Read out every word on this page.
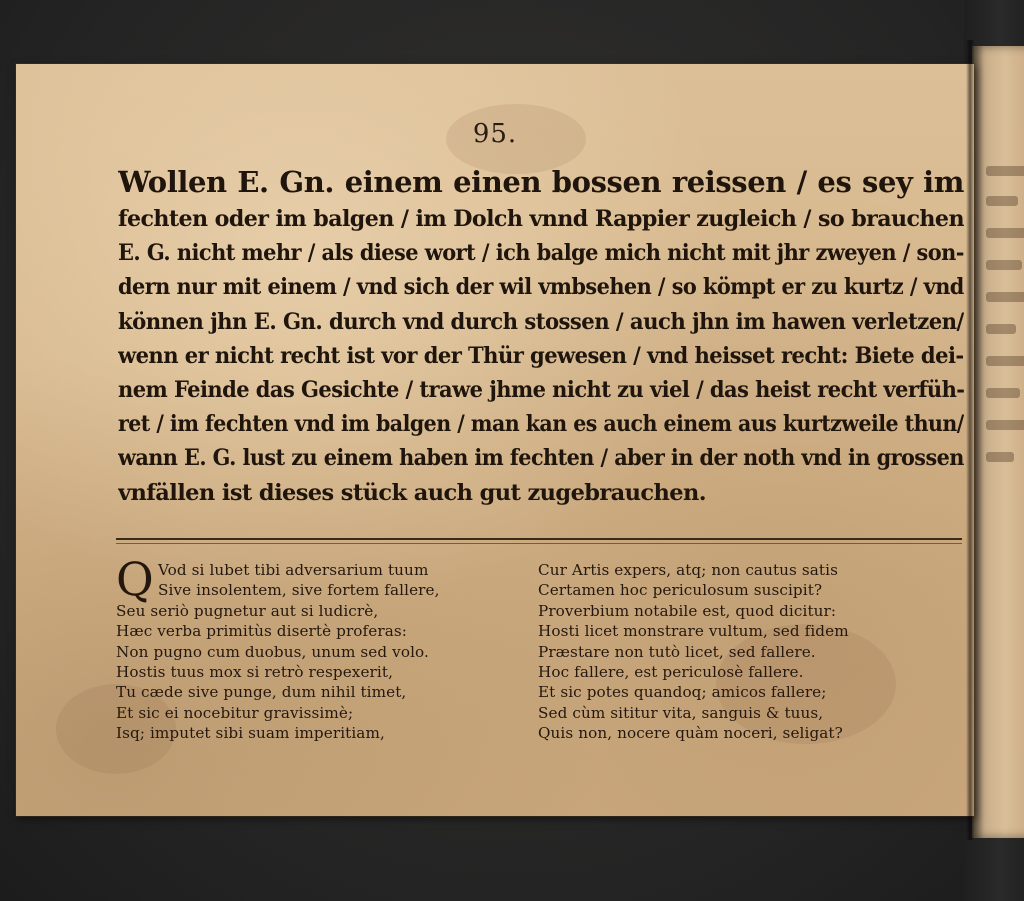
95.
Wollen E. Gn. einem einen bossen reissen / es sey im
fechten oder im balgen / im Dolch vnnd Rappier zugleich / so brauchen
E. G. nicht mehr / als diese wort / ich balge mich nicht mit jhr zweyen / son-
dern nur mit einem / vnd sich der wil vmbsehen / so kömpt er zu kurtz / vnd
können jhn E. Gn. durch vnd durch stossen / auch jhn im hawen verletzen/
wenn er nicht recht ist vor der Thür gewesen / vnd heisset recht: Biete dei-
nem Feinde das Gesichte / trawe jhme nicht zu viel / das heist recht verfüh-
ret / im fechten vnd im balgen / man kan es auch einem aus kurtzweile thun/
wann E. G. lust zu einem haben im fechten / aber in der noth vnd in grossen
vnfällen ist dieses stück auch gut zugebrauchen.
Q Vod si lubet tibi adversarium tuum
Sive insolentem, sive fortem fallere,
Seu seriò pugnetur aut si ludicrè,
Hæc verba primitùs disertè proferas:
Non pugno cum duobus, unum sed volo.
Hostis tuus mox si retrò respexerit,
Tu cæde sive punge, dum nihil timet,
Et sic ei nocebitur gravissimè;
Isq; imputet sibi suam imperitiam,
Cur Artis expers, atq; non cautus satis
Certamen hoc periculosum suscipit?
Proverbium notabile est, quod dicitur:
Hosti licet monstrare vultum, sed fidem
Præstare non tutò licet, sed fallere.
Hoc fallere, est periculosè fallere.
Et sic potes quandoq; amicos fallere;
Sed cùm sititur vita, sanguis & tuus,
Quis non, nocere quàm noceri, seligat?
